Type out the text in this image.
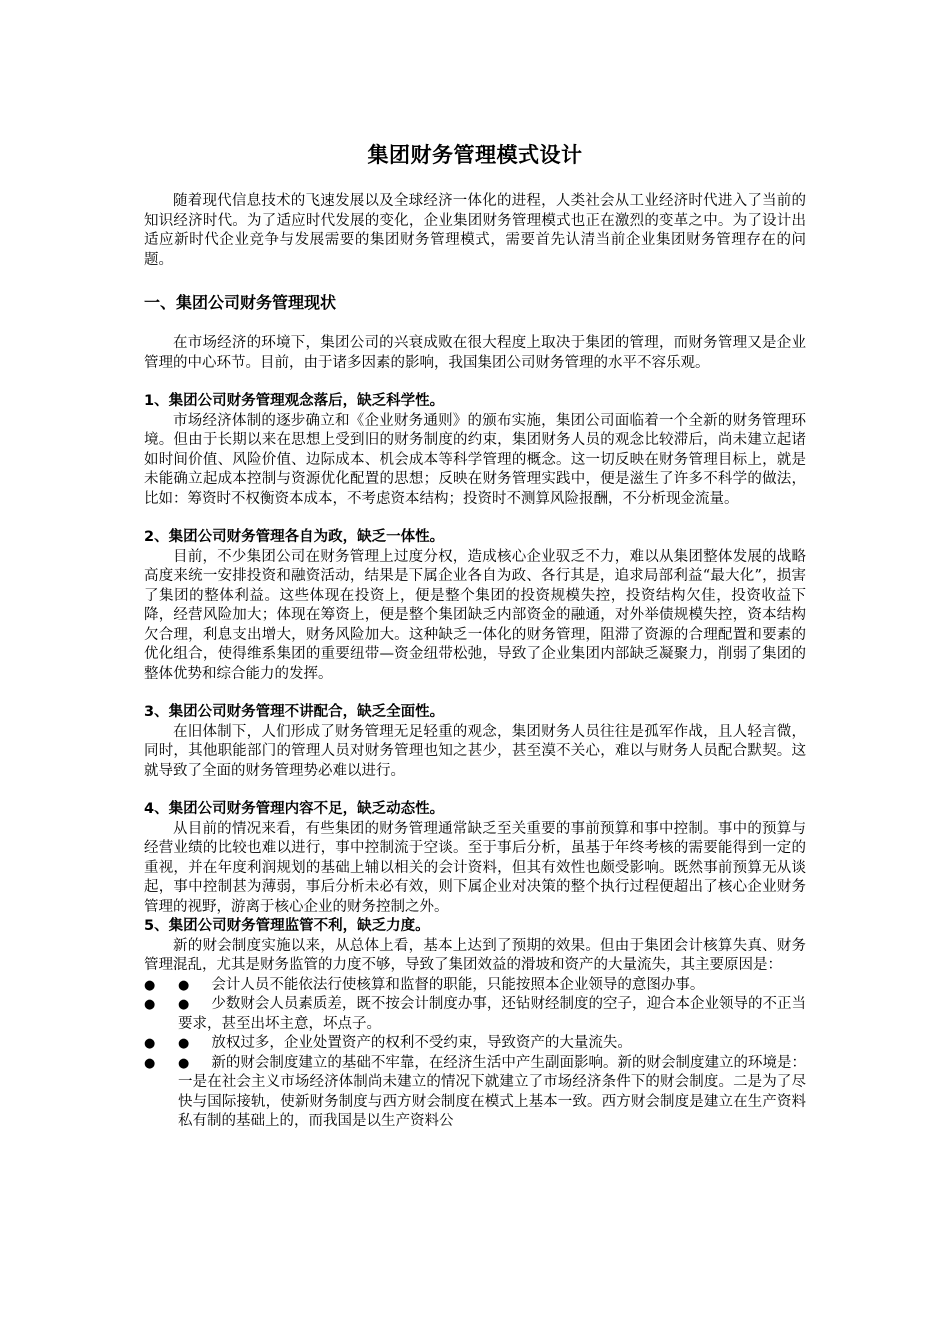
集团财务管理模式设计

随着现代信息技术的飞速发展以及全球经济一体化的进程，人类社会从工业经济时代进入了当前的知识经济时代。为了适应时代发展的变化，企业集团财务管理模式也正在激烈的变革之中。为了设计出适应新时代企业竞争与发展需要的集团财务管理模式，需要首先认清当前企业集团财务管理存在的问题。

一、集团公司财务管理现状

在市场经济的环境下，集团公司的兴衰成败在很大程度上取决于集团的管理，而财务管理又是企业管理的中心环节。目前，由于诸多因素的影响，我国集团公司财务管理的水平不容乐观。

1、集团公司财务管理观念落后，缺乏科学性。

市场经济体制的逐步确立和《企业财务通则》的颁布实施，集团公司面临着一个全新的财务管理环境。但由于长期以来在思想上受到旧的财务制度的约束，集团财务人员的观念比较滞后，尚未建立起诸如时间价值、风险价值、边际成本、机会成本等科学管理的概念。这一切反映在财务管理目标上，就是未能确立起成本控制与资源优化配置的思想；反映在财务管理实践中，便是滋生了许多不科学的做法，比如：筹资时不权衡资本成本，不考虑资本结构；投资时不测算风险报酬，不分析现金流量。

2、集团公司财务管理各自为政，缺乏一体性。

目前，不少集团公司在财务管理上过度分权，造成核心企业驭乏不力，难以从集团整体发展的战略高度来统一安排投资和融资活动，结果是下属企业各自为政、各行其是，追求局部利益“最大化”，损害了集团的整体利益。这些体现在投资上，便是整个集团的投资规模失控，投资结构欠佳，投资收益下降，经营风险加大；体现在筹资上，便是整个集团缺乏内部资金的融通，对外举债规模失控，资本结构欠合理，利息支出增大，财务风险加大。这种缺乏一体化的财务管理，阻滞了资源的合理配置和要素的优化组合，使得维系集团的重要纽带—资金纽带松弛，导致了企业集团内部缺乏凝聚力，削弱了集团的整体优势和综合能力的发挥。

3、集团公司财务管理不讲配合，缺乏全面性。

在旧体制下，人们形成了财务管理无足轻重的观念，集团财务人员往往是孤军作战，且人轻言微，同时，其他职能部门的管理人员对财务管理也知之甚少，甚至漠不关心，难以与财务人员配合默契。这就导致了全面的财务管理势必难以进行。

4、集团公司财务管理内容不足，缺乏动态性。

从目前的情况来看，有些集团的财务管理通常缺乏至关重要的事前预算和事中控制。事中的预算与经营业绩的比较也难以进行，事中控制流于空谈。至于事后分析，虽基于年终考核的需要能得到一定的重视，并在年度利润规划的基础上辅以相关的会计资料，但其有效性也颇受影响。既然事前预算无从谈起，事中控制甚为薄弱，事后分析未必有效，则下属企业对决策的整个执行过程便超出了核心企业财务管理的视野，游离于核心企业的财务控制之外。

5、集团公司财务管理监管不利，缺乏力度。

新的财会制度实施以来，从总体上看，基本上达到了预期的效果。但由于集团会计核算失真、财务管理混乱，尤其是财务监管的力度不够，导致了集团效益的滑坡和资产的大量流失，其主要原因是：

● ● 会计人员不能依法行使核算和监督的职能，只能按照本企业领导的意图办事。
● ● 少数财会人员素质差，既不按会计制度办事，还钻财经制度的空子，迎合本企业领导的不正当要求，甚至出坏主意，坏点子。
● ● 放权过多，企业处置资产的权利不受约束，导致资产的大量流失。
● ● 新的财会制度建立的基础不牢靠，在经济生活中产生副面影响。新的财会制度建立的环境是：一是在社会主义市场经济体制尚未建立的情况下就建立了市场经济条件下的财会制度。二是为了尽快与国际接轨，使新财务制度与西方财会制度在模式上基本一致。西方财会制度是建立在生产资料私有制的基础上的，而我国是以生产资料公
